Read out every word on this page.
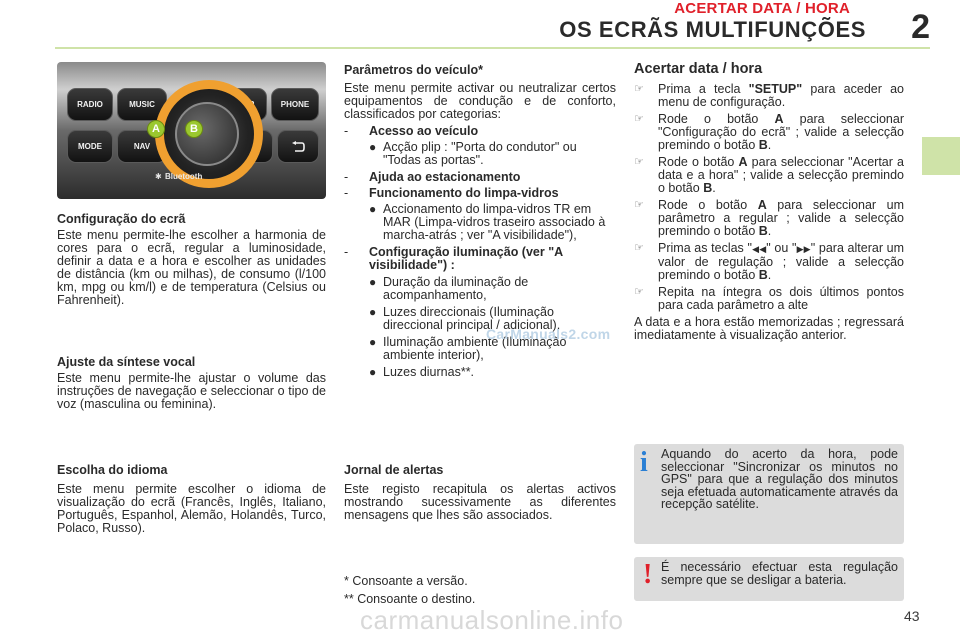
ACERTAR DATA / HORA
OS ECRÃS MULTIFUNÇÕES 2
RADIO	MUSIC	PHONE
MODE	NAV
A	B
✱ Bluetooth
Configuração do ecrã
Este menu permite-lhe escolher a harmonia de cores para o ecrã, regular a luminosidade, definir a data e a hora e escolher as unidades de distância (km ou milhas), de consumo (l/100 km, mpg ou km/l) e de temperatura (Celsius ou Fahrenheit).
Ajuste da síntese vocal
Este menu permite-lhe ajustar o volume das instruções de navegação e seleccionar o tipo de voz (masculina ou feminina).
Escolha do idioma
Este menu permite escolher o idioma de visualização do ecrã (Francês, Inglês, Italiano, Português, Espanhol, Alemão, Holandês, Turco, Polaco, Russo).
Parâmetros do veículo*
Este menu permite activar ou neutralizar certos equipamentos de condução e de conforto, classificados por categorias:
- Acesso ao veículo
● Acção plip : "Porta do condutor" ou "Todas as portas".
- Ajuda ao estacionamento
- Funcionamento do limpa-vidros
● Accionamento do limpa-vidros TR em MAR (Limpa-vidros traseiro associado à marcha-atrás ; ver "A visibilidade"),
- Configuração iluminação (ver "A visibilidade") :
● Duração da iluminação de acompanhamento,
● Luzes direccionais (Iluminação direccional principal / adicional),
● Iluminação ambiente (Iluminação ambiente interior),
● Luzes diurnas**.
CarManuals2.com
Jornal de alertas
Este registo recapitula os alertas activos mostrando sucessivamente as diferentes mensagens que lhes são associados.
* Consoante a versão.
** Consoante o destino.
Acertar data / hora
☞ Prima a tecla "SETUP" para aceder ao menu de configuração.
☞ Rode o botão A para seleccionar "Configuração do ecrã" ; valide a selecção premindo o botão B.
☞ Rode o botão A para seleccionar "Acertar a data e a hora" ; valide a selecção premindo o botão B.
☞ Rode o botão A para seleccionar um parâmetro a regular ; valide a selecção premindo o botão B.
☞ Prima as teclas "◀◀" ou "▶▶" para alterar um valor de regulação ; valide a selecção premindo o botão B.
☞ Repita na íntegra os dois últimos pontos para cada parâmetro a alte
A data e a hora estão memorizadas ; regressará imediatamente à visualização anterior.
i Aquando do acerto da hora, pode seleccionar "Sincronizar os minutos no GPS" para que a regulação dos minutos seja efetuada automaticamente através da recepção satélite.
! É necessário efectuar esta regulação sempre que se desligar a bateria.
carmanualsonline.info	43
